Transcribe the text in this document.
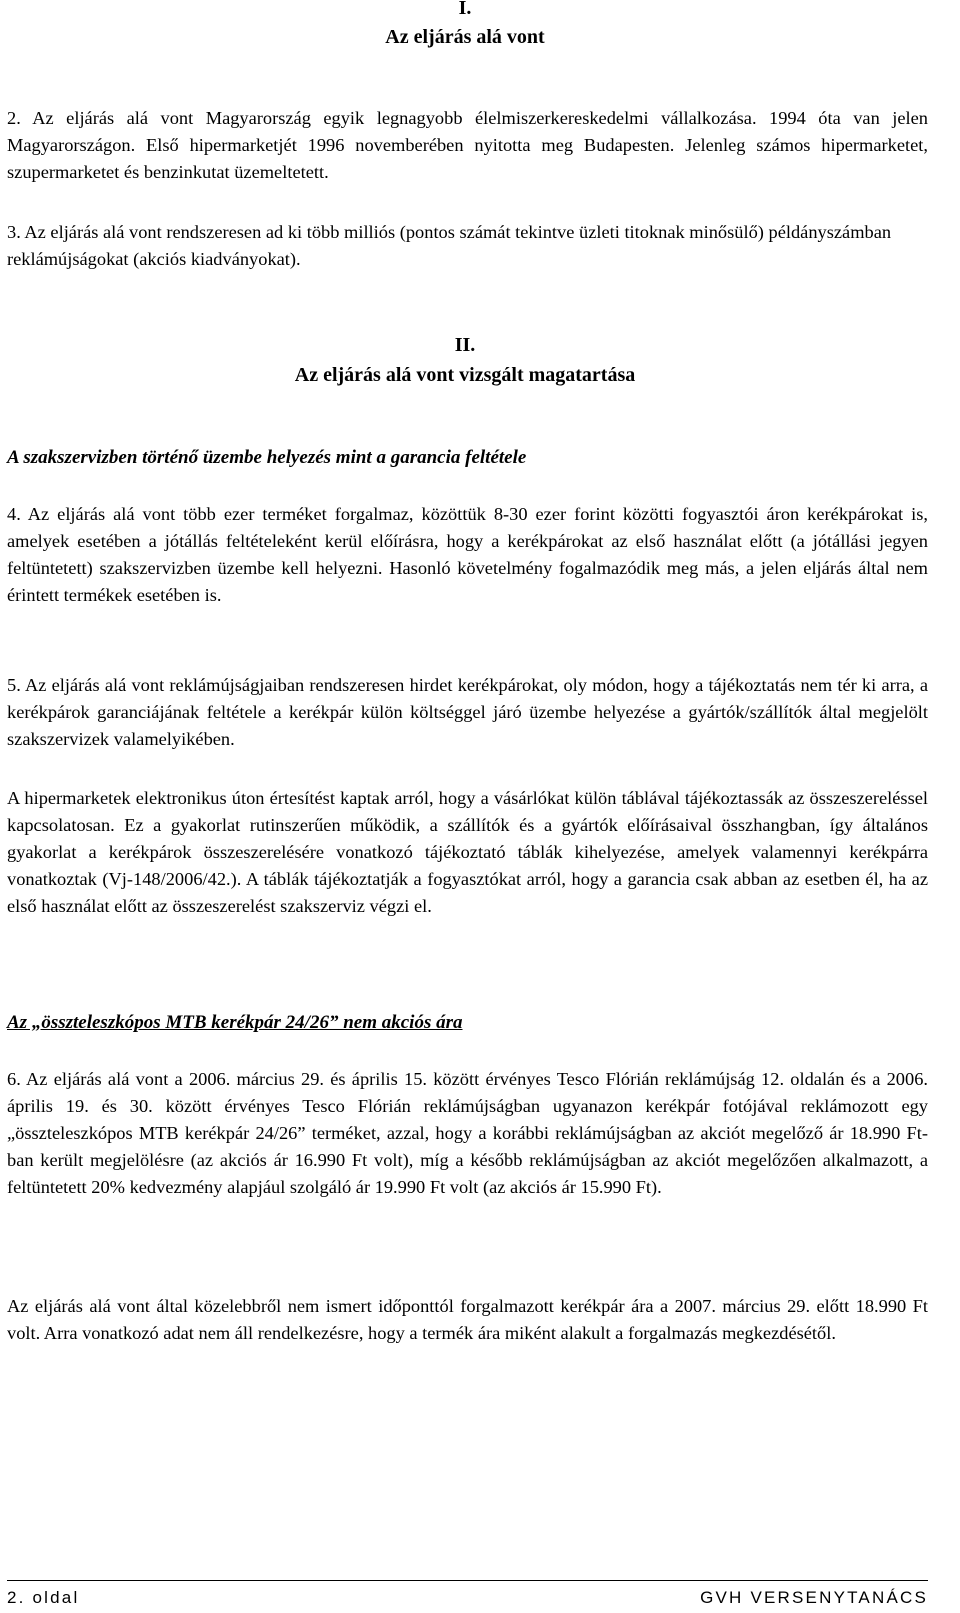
I.
Az eljárás alá vont

2. Az eljárás alá vont Magyarország egyik legnagyobb élelmiszerkereskedelmi vállalkozása. 1994 óta van jelen Magyarországon. Első hipermarketjét 1996 novemberében nyitotta meg Budapesten. Jelenleg számos hipermarketet, szupermarketet és benzinkutat üzemeltetett.

3. Az eljárás alá vont rendszeresen ad ki több milliós (pontos számát tekintve üzleti titoknak minősülő) példányszámban reklámújságokat (akciós kiadványokat).

II.
Az eljárás alá vont vizsgált magatartása
A szakszervizben történő üzembe helyezés mint a garancia feltétele

4. Az eljárás alá vont több ezer terméket forgalmaz, közöttük 8-30 ezer forint közötti fogyasztói áron kerékpárokat is, amelyek esetében a jótállás feltételeként kerül előírásra, hogy a kerékpárokat az első használat előtt (a jótállási jegyen feltüntetett) szakszervizben üzembe kell helyezni. Hasonló követelmény fogalmazódik meg más, a jelen eljárás által nem érintett termékek esetében is.

5. Az eljárás alá vont reklámújságjaiban rendszeresen hirdet kerékpárokat, oly módon, hogy a tájékoztatás nem tér ki arra, a kerékpárok garanciájának feltétele a kerékpár külön költséggel járó üzembe helyezése a gyártók/szállítók által megjelölt szakszervizek valamelyikében.

A hipermarketek elektronikus úton értesítést kaptak arról, hogy a vásárlókat külön táblával tájékoztassák az összeszereléssel kapcsolatosan. Ez a gyakorlat rutinszerűen működik, a szállítók és a gyártók előírásaival összhangban, így általános gyakorlat a kerékpárok összeszerelésére vonatkozó tájékoztató táblák kihelyezése, amelyek valamennyi kerékpárra vonatkoztak (Vj-148/2006/42.). A táblák tájékoztatják a fogyasztókat arról, hogy a garancia csak abban az esetben él, ha az első használat előtt az összeszerelést szakszerviz végzi el.

Az „összteleszkópos MTB kerékpár 24/26” nem akciós ára

6. Az eljárás alá vont a 2006. március 29. és április 15. között érvényes Tesco Flórián reklámújság 12. oldalán és a 2006. április 19. és 30. között érvényes Tesco Flórián reklámújságban ugyanazon kerékpár fotójával reklámozott egy „összteleszkópos MTB kerékpár 24/26” terméket, azzal, hogy a korábbi reklámújságban az akciót megelőző ár 18.990 Ft-ban került megjelölésre (az akciós ár 16.990 Ft volt), míg a később reklámújságban az akciót megelőzően alkalmazott, a feltüntetett 20% kedvezmény alapjául szolgáló ár 19.990 Ft volt (az akciós ár 15.990 Ft).

Az eljárás alá vont által közelebbről nem ismert időponttól forgalmazott kerékpár ára a 2007. március 29. előtt 18.990 Ft volt. Arra vonatkozó adat nem áll rendelkezésre, hogy a termék ára miként alakult a forgalmazás megkezdésétől.

2. oldal	GVH VERSENYTANÁCS
